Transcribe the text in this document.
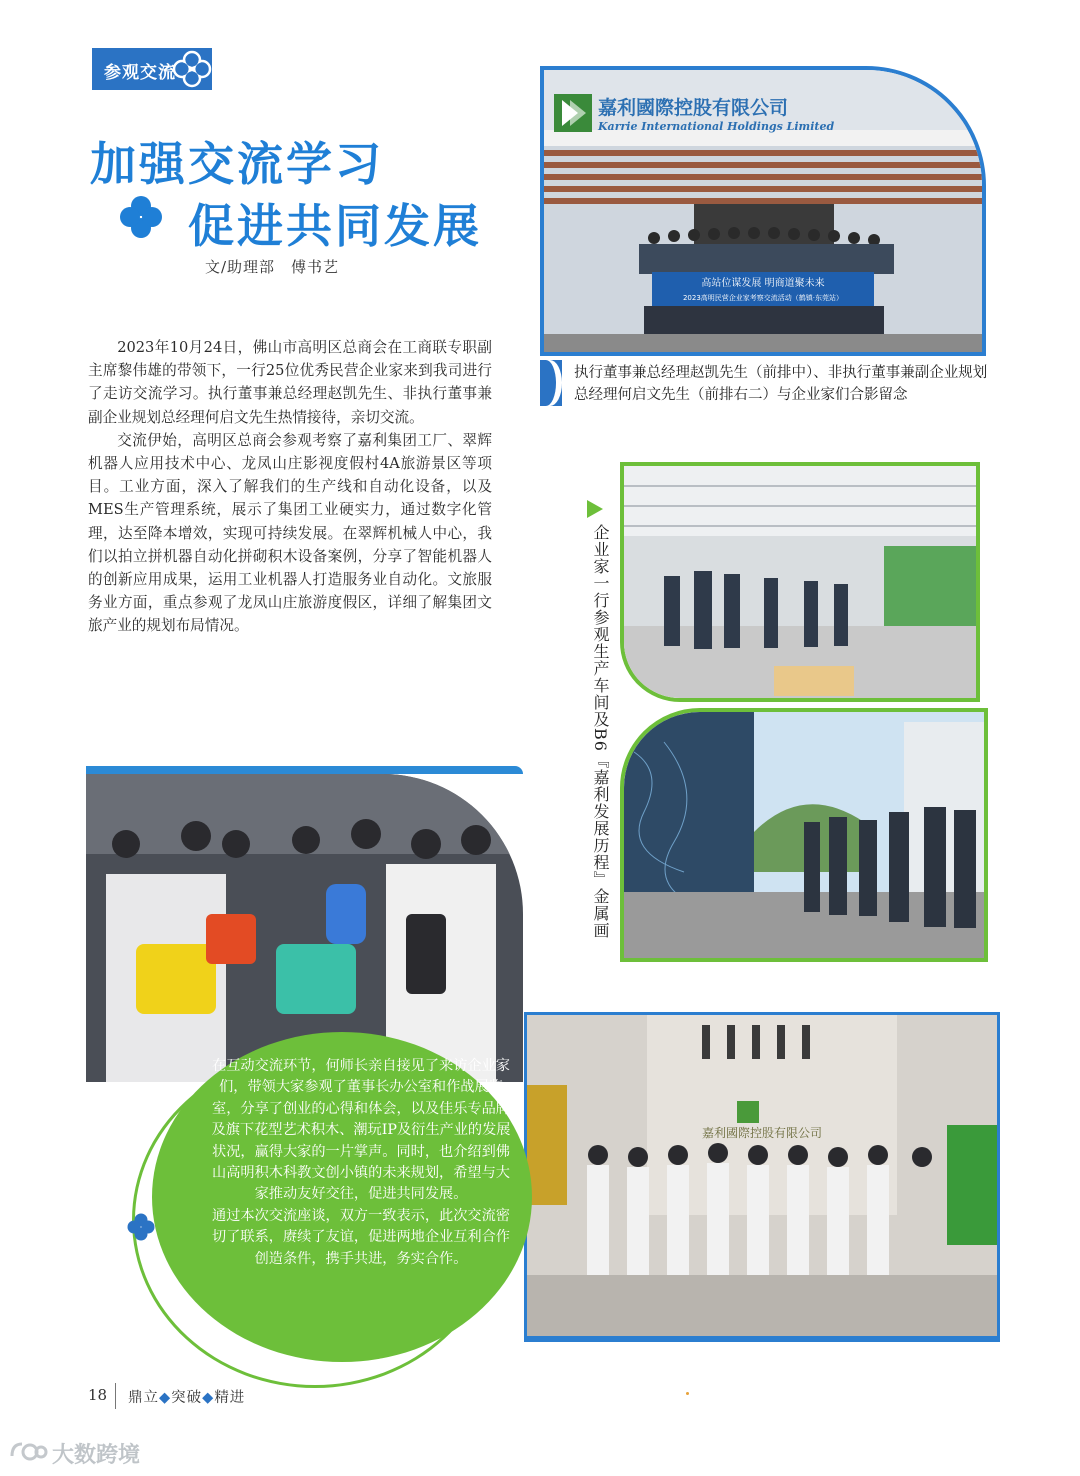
参观交流
加强交流学习
促进共同发展
文/助理部　傅书艺

2023年10月24日，佛山市高明区总商会在工商联专职副主席黎伟雄的带领下，一行25位优秀民营企业家来到我司进行了走访交流学习。执行董事兼总经理赵凯先生、非执行董事兼副企业规划总经理何启文先生热情接待，亲切交流。

交流伊始，高明区总商会参观考察了嘉利集团工厂、翠辉机器人应用技术中心、龙凤山庄影视度假村4A旅游景区等项目。工业方面，深入了解我们的生产线和自动化设备，以及MES生产管理系统，展示了集团工业硬实力，通过数字化管理，达至降本增效，实现可持续发展。在翠辉机械人中心，我们以拍立拼机器自动化拼砌积木设备案例，分享了智能机器人的创新应用成果，运用工业机器人打造服务业自动化。文旅服务业方面，重点参观了龙凤山庄旅游度假区，详细了解集团文旅产业的规划布局情况。

嘉利國際控股有限公司
Karrie International Holdings Limited
高站位谋发展 明商道聚未来
2023高明民营企业家考察交流活动（鹤镇·东莞站）
执行董事兼总经理赵凯先生（前排中）、非执行董事兼副企业规划总经理何启文先生（前排右二）与企业家们合影留念
企业家一行参观生产车间及B6『嘉利发展历程』金属画
嘉利國際控股有限公司

在互动交流环节，何师长亲自接见了来访企业家们，带领大家参观了董事长办公室和作战展览室，分享了创业的心得和体会，以及佳乐专品牌及旗下花型艺术积木、潮玩IP及衍生产业的发展状况，赢得大家的一片掌声。同时，也介绍到佛山高明积木科教文创小镇的未来规划，希望与大家推动友好交往，促进共同发展。

通过本次交流座谈，双方一致表示，此次交流密切了联系，赓续了友谊，促进两地企业互利合作创造条件，携手共进，务实合作。

18 鼎立◆突破◆精进
大数跨境
